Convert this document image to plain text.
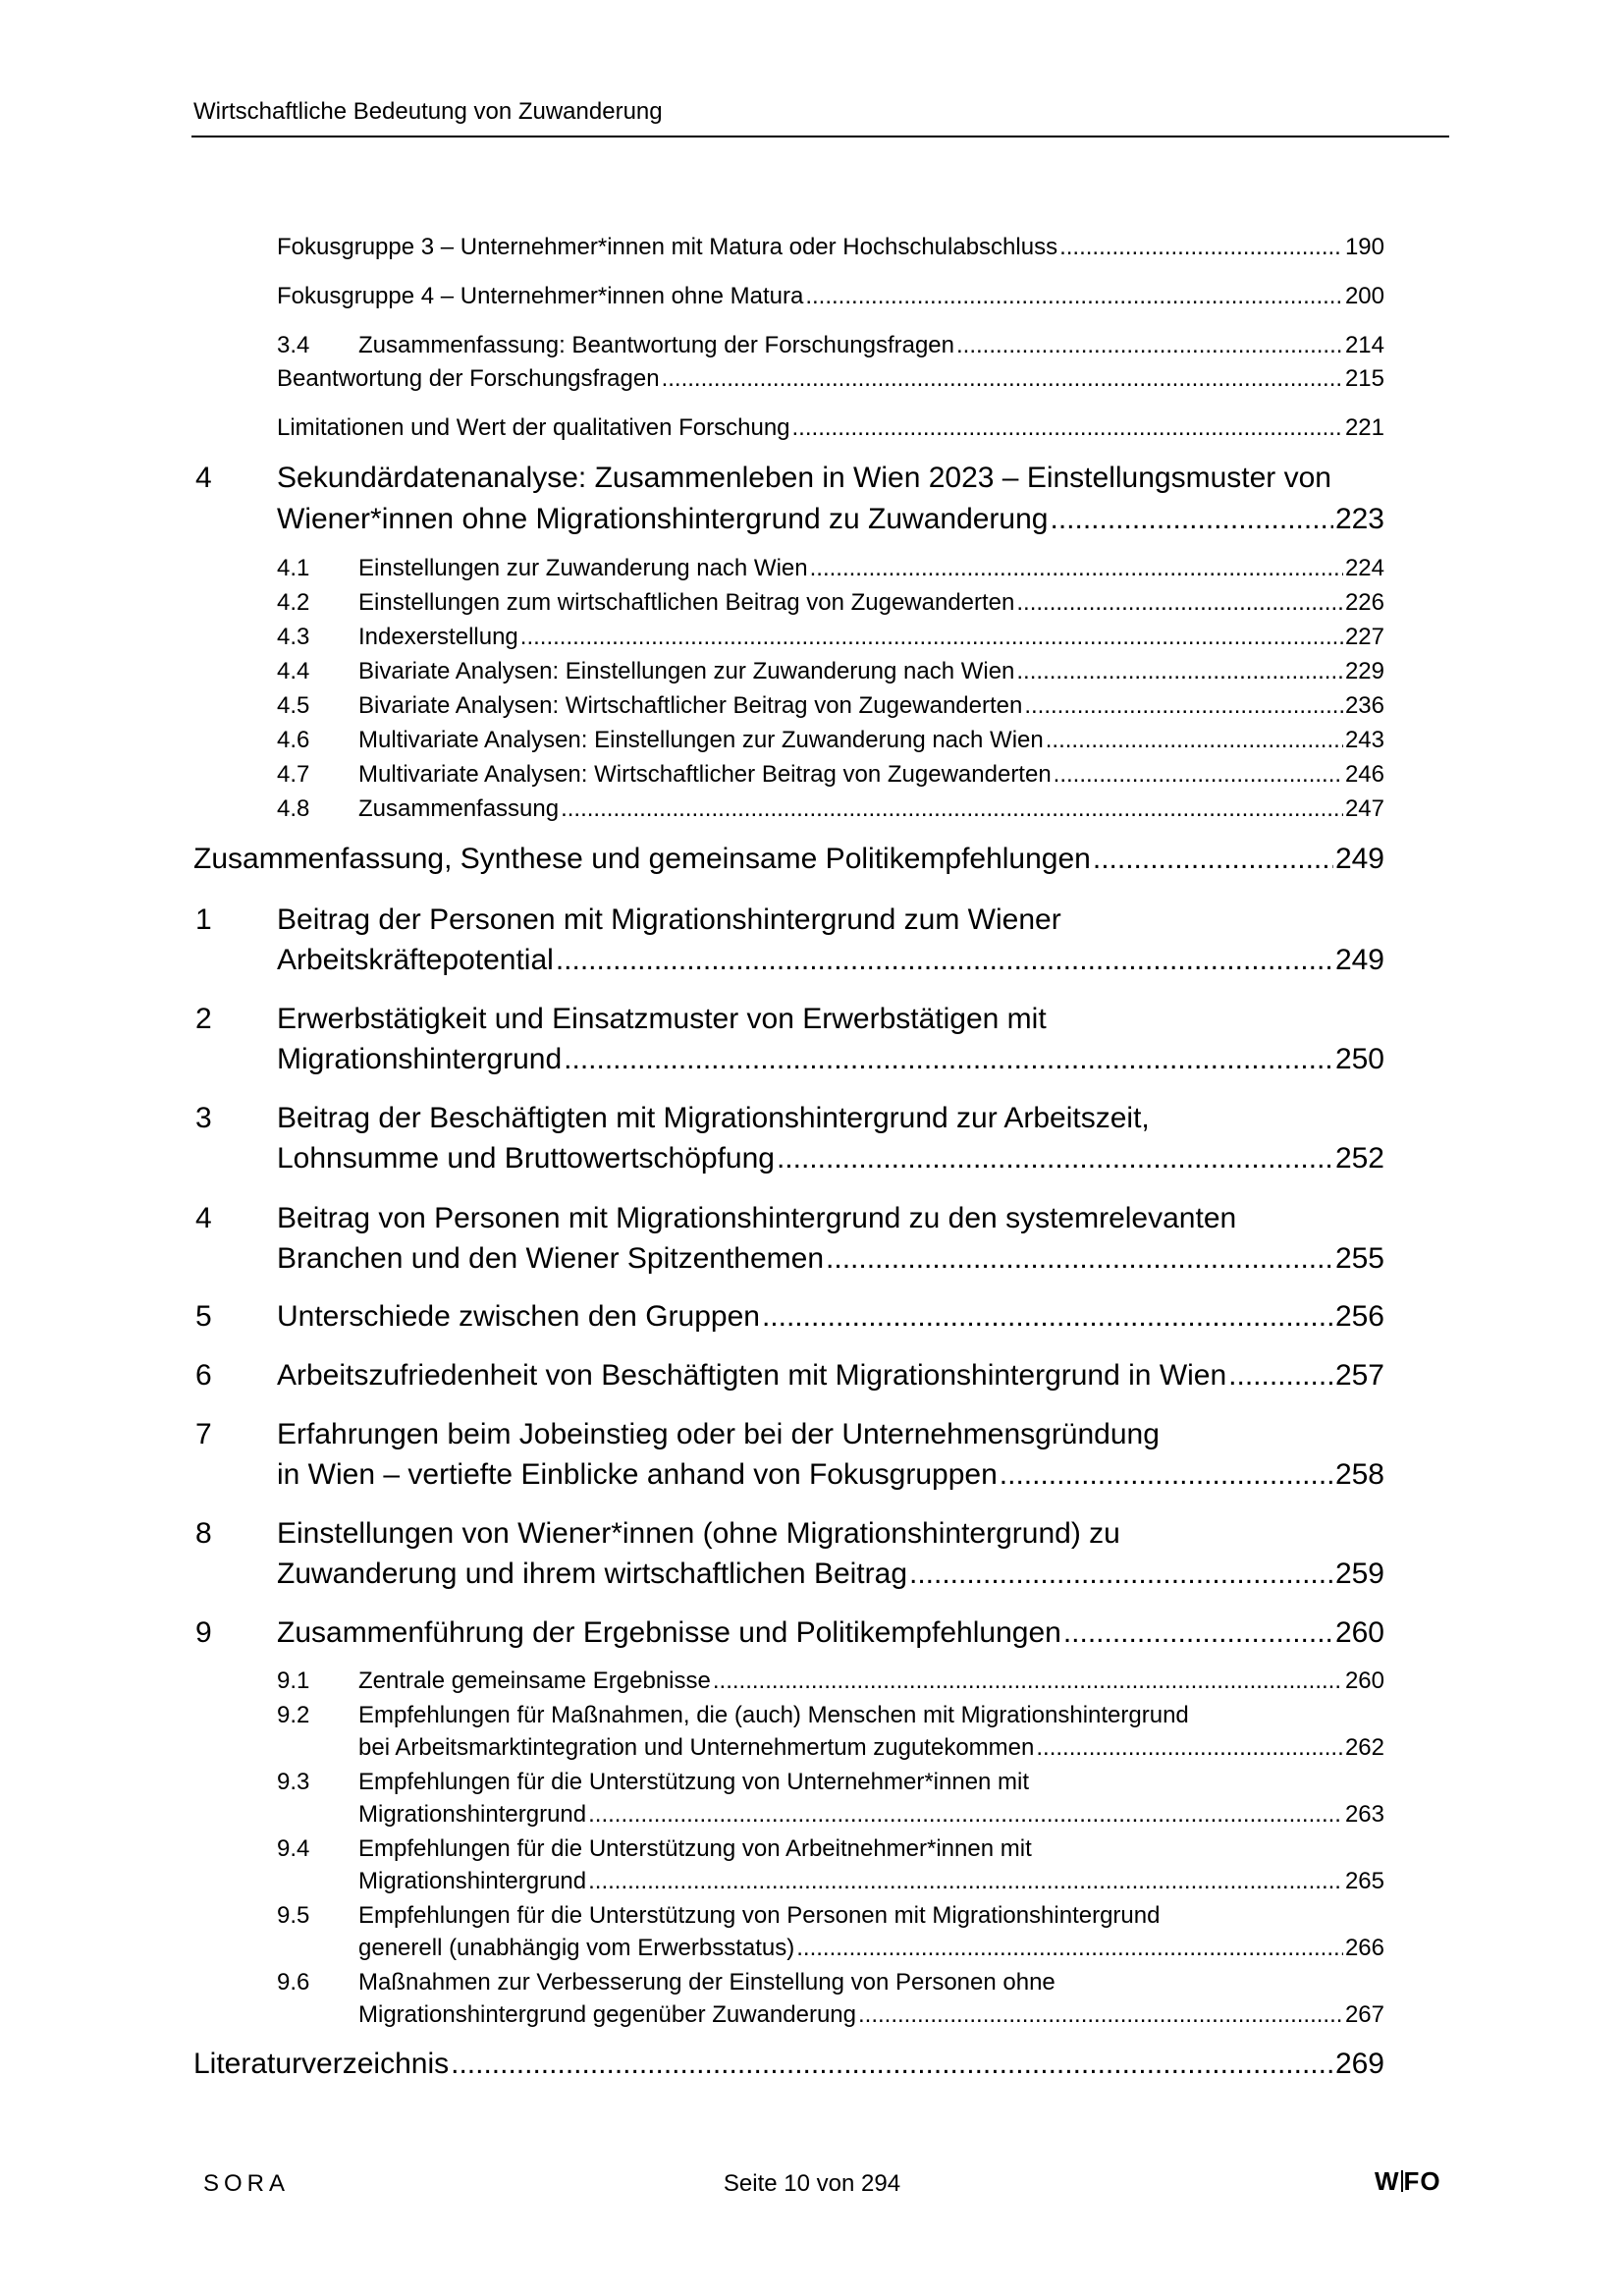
Wirtschaftliche Bedeutung von Zuwanderung
Fokusgruppe 3 – Unternehmer*innen mit Matura oder Hochschulabschluss .....	190
Fokusgruppe 4 – Unternehmer*innen ohne Matura .....	200
3.4 Zusammenfassung: Beantwortung der Forschungsfragen .....	214
Beantwortung der Forschungsfragen .....	215
Limitationen und Wert der qualitativen Forschung .....	221
4 Sekundärdatenanalyse: Zusammenleben in Wien 2023 – Einstellungsmuster von
Wiener*innen ohne Migrationshintergrund zu Zuwanderung .....	223
4.1 Einstellungen zur Zuwanderung nach Wien .....	224
4.2 Einstellungen zum wirtschaftlichen Beitrag von Zugewanderten .....	226
4.3 Indexerstellung .....	227
4.4 Bivariate Analysen: Einstellungen zur Zuwanderung nach Wien .....	229
4.5 Bivariate Analysen: Wirtschaftlicher Beitrag von Zugewanderten .....	236
4.6 Multivariate Analysen: Einstellungen zur Zuwanderung nach Wien .....	243
4.7 Multivariate Analysen: Wirtschaftlicher Beitrag von Zugewanderten .....	246
4.8 Zusammenfassung .....	247
Zusammenfassung, Synthese und gemeinsame Politikempfehlungen .....	249
1 Beitrag der Personen mit Migrationshintergrund zum Wiener
Arbeitskräftepotential .....	249
2 Erwerbstätigkeit und Einsatzmuster von Erwerbstätigen mit
Migrationshintergrund .....	250
3 Beitrag der Beschäftigten mit Migrationshintergrund zur Arbeitszeit,
Lohnsumme und Bruttowertschöpfung .....	252
4 Beitrag von Personen mit Migrationshintergrund zu den systemrelevanten
Branchen und den Wiener Spitzenthemen .....	255
5 Unterschiede zwischen den Gruppen .....	256
6 Arbeitszufriedenheit von Beschäftigten mit Migrationshintergrund in Wien .....	257
7 Erfahrungen beim Jobeinstieg oder bei der Unternehmensgründung
in Wien – vertiefte Einblicke anhand von Fokusgruppen .....	258
8 Einstellungen von Wiener*innen (ohne Migrationshintergrund) zu
Zuwanderung und ihrem wirtschaftlichen Beitrag .....	259
9 Zusammenführung der Ergebnisse und Politikempfehlungen .....	260
9.1 Zentrale gemeinsame Ergebnisse .....	260
9.2 Empfehlungen für Maßnahmen, die (auch) Menschen mit Migrationshintergrund
bei Arbeitsmarktintegration und Unternehmertum zugutekommen .....	262
9.3 Empfehlungen für die Unterstützung von Unternehmer*innen mit
Migrationshintergrund .....	263
9.4 Empfehlungen für die Unterstützung von Arbeitnehmer*innen mit
Migrationshintergrund .....	265
9.5 Empfehlungen für die Unterstützung von Personen mit Migrationshintergrund
generell (unabhängig vom Erwerbsstatus) .....	266
9.6 Maßnahmen zur Verbesserung der Einstellung von Personen ohne
Migrationshintergrund gegenüber Zuwanderung .....	267
Literaturverzeichnis .....	269
SORA	Seite 10 von 294	W FO
